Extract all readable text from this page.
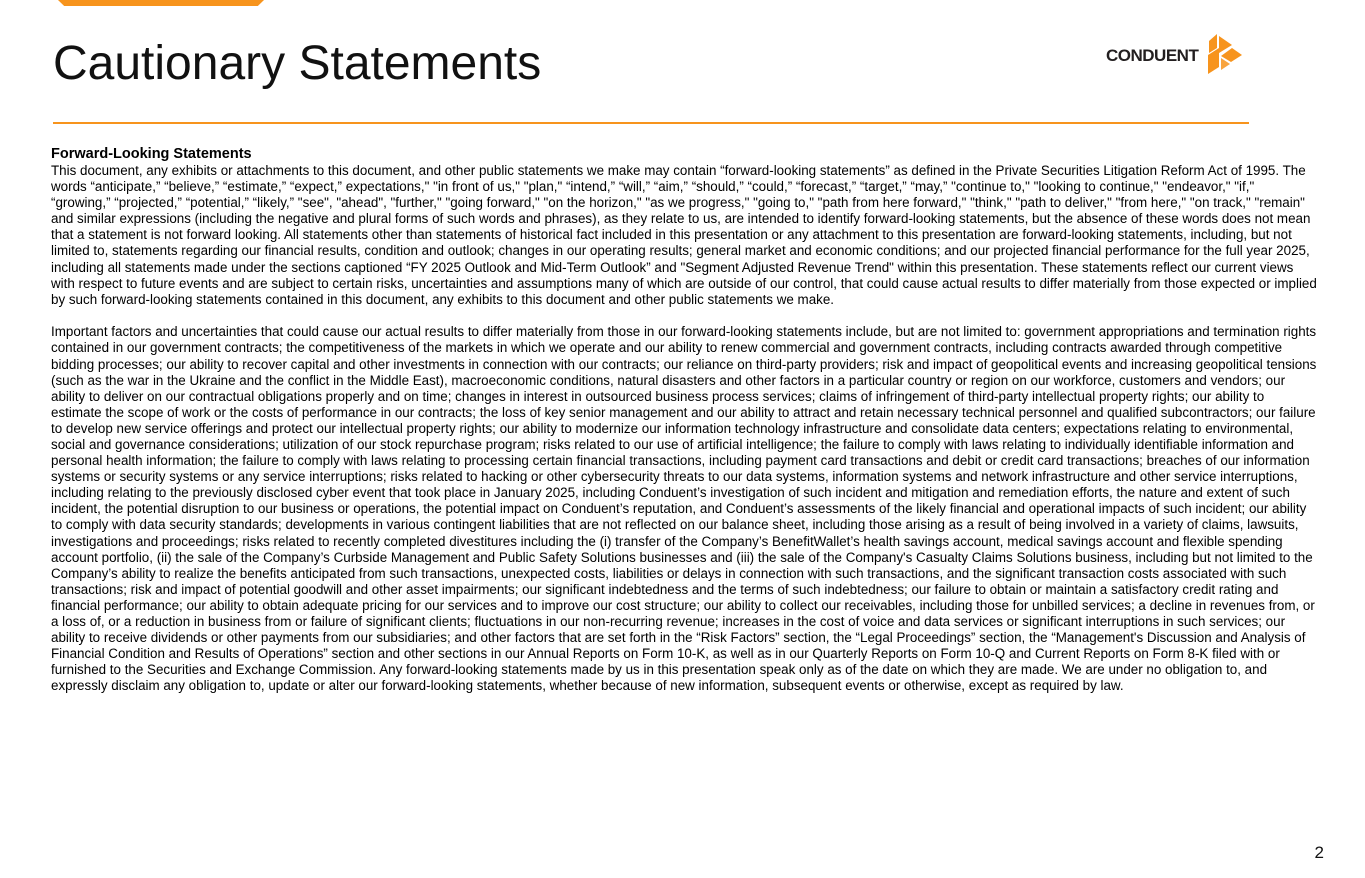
Cautionary Statements	CONDUENT
Forward-Looking Statements

This document, any exhibits or attachments to this document, and other public statements we make may contain “forward-looking statements” as defined in the Private Securities Litigation Reform Act of 1995. The words “anticipate,” “believe,” “estimate,” “expect,” expectations," "in front of us," "plan," “intend,” “will,” “aim,” “should,” “could,” “forecast,” “target,” “may,” "continue to," "looking to continue," "endeavor," "if," “growing,” “projected,” “potential,” “likely,” "see", "ahead", "further," "going forward," "on the horizon," "as we progress," "going to," "path from here forward," "think," "path to deliver," "from here," "on track," "remain" and similar expressions (including the negative and plural forms of such words and phrases), as they relate to us, are intended to identify forward-looking statements, but the absence of these words does not mean that a statement is not forward looking. All statements other than statements of historical fact included in this presentation or any attachment to this presentation are forward-looking statements, including, but not limited to, statements regarding our financial results, condition and outlook; changes in our operating results; general market and economic conditions; and our projected financial performance for the full year 2025, including all statements made under the sections captioned “FY 2025 Outlook and Mid-Term Outlook” and "Segment Adjusted Revenue Trend" within this presentation. These statements reflect our current views with respect to future events and are subject to certain risks, uncertainties and assumptions many of which are outside of our control, that could cause actual results to differ materially from those expected or implied by such forward-looking statements contained in this document, any exhibits to this document and other public statements we make.

Important factors and uncertainties that could cause our actual results to differ materially from those in our forward-looking statements include, but are not limited to: government appropriations and termination rights contained in our government contracts; the competitiveness of the markets in which we operate and our ability to renew commercial and government contracts, including contracts awarded through competitive bidding processes; our ability to recover capital and other investments in connection with our contracts; our reliance on third-party providers; risk and impact of geopolitical events and increasing geopolitical tensions (such as the war in the Ukraine and the conflict in the Middle East), macroeconomic conditions, natural disasters and other factors in a particular country or region on our workforce, customers and vendors; our ability to deliver on our contractual obligations properly and on time; changes in interest in outsourced business process services; claims of infringement of third-party intellectual property rights; our ability to estimate the scope of work or the costs of performance in our contracts; the loss of key senior management and our ability to attract and retain necessary technical personnel and qualified subcontractors; our failure to develop new service offerings and protect our intellectual property rights; our ability to modernize our information technology infrastructure and consolidate data centers; expectations relating to environmental, social and governance considerations; utilization of our stock repurchase program; risks related to our use of artificial intelligence; the failure to comply with laws relating to individually identifiable information and personal health information; the failure to comply with laws relating to processing certain financial transactions, including payment card transactions and debit or credit card transactions; breaches of our information systems or security systems or any service interruptions; risks related to hacking or other cybersecurity threats to our data systems, information systems and network infrastructure and other service interruptions, including relating to the previously disclosed cyber event that took place in January 2025, including Conduent’s investigation of such incident and mitigation and remediation efforts, the nature and extent of such incident, the potential disruption to our business or operations, the potential impact on Conduent’s reputation, and Conduent’s assessments of the likely financial and operational impacts of such incident; our ability to comply with data security standards; developments in various contingent liabilities that are not reflected on our balance sheet, including those arising as a result of being involved in a variety of claims, lawsuits, investigations and proceedings; risks related to recently completed divestitures including the (i) transfer of the Company’s BenefitWallet’s health savings account, medical savings account and flexible spending account portfolio, (ii) the sale of the Company’s Curbside Management and Public Safety Solutions businesses and (iii) the sale of the Company's Casualty Claims Solutions business, including but not limited to the Company’s ability to realize the benefits anticipated from such transactions, unexpected costs, liabilities or delays in connection with such transactions, and the significant transaction costs associated with such transactions; risk and impact of potential goodwill and other asset impairments; our significant indebtedness and the terms of such indebtedness; our failure to obtain or maintain a satisfactory credit rating and financial performance; our ability to obtain adequate pricing for our services and to improve our cost structure; our ability to collect our receivables, including those for unbilled services; a decline in revenues from, or a loss of, or a reduction in business from or failure of significant clients; fluctuations in our non-recurring revenue; increases in the cost of voice and data services or significant interruptions in such services; our ability to receive dividends or other payments from our subsidiaries; and other factors that are set forth in the “Risk Factors” section, the “Legal Proceedings” section, the “Management's Discussion and Analysis of Financial Condition and Results of Operations” section and other sections in our Annual Reports on Form 10-K, as well as in our Quarterly Reports on Form 10-Q and Current Reports on Form 8-K filed with or furnished to the Securities and Exchange Commission. Any forward-looking statements made by us in this presentation speak only as of the date on which they are made. We are under no obligation to, and expressly disclaim any obligation to, update or alter our forward-looking statements, whether because of new information, subsequent events or otherwise, except as required by law.

2
